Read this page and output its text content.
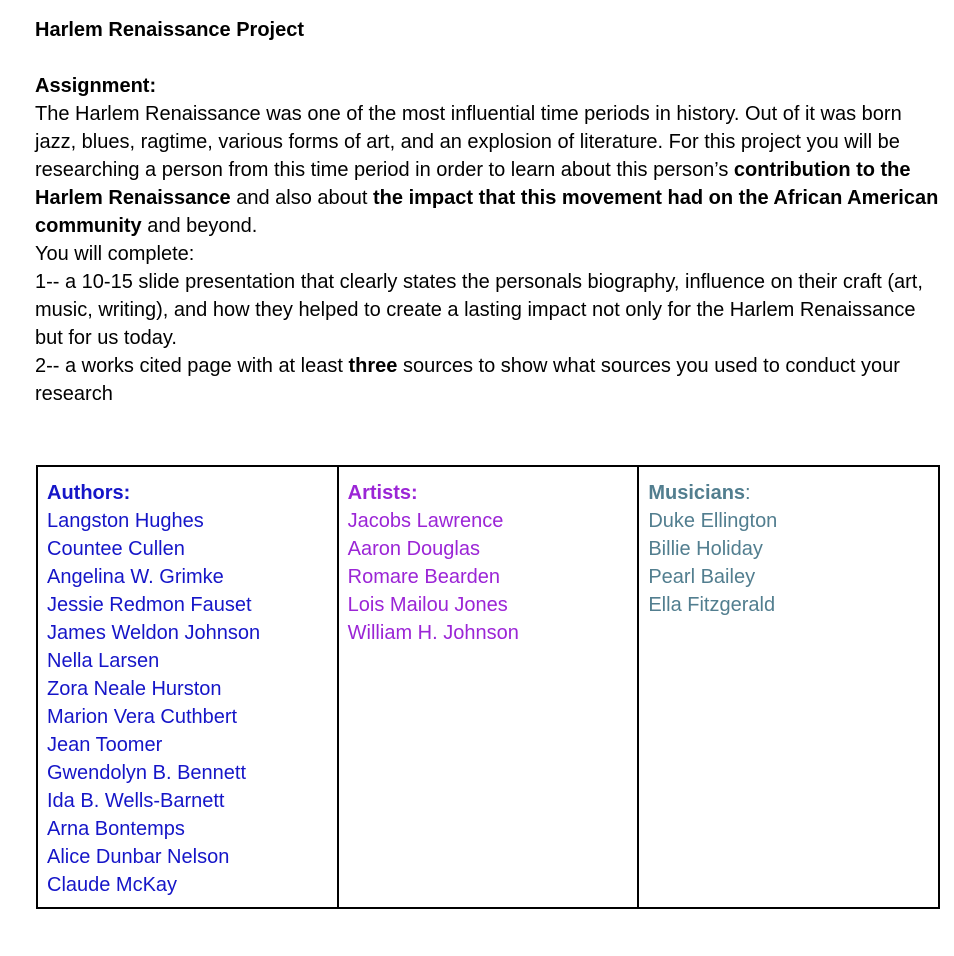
Harlem Renaissance Project

Assignment:

The Harlem Renaissance was one of the most influential time periods in history. Out of it was born jazz, blues, ragtime, various forms of art, and an explosion of literature. For this project you will be researching a person from this time period in order to learn about this person’s contribution to the Harlem Renaissance and also about the impact that this movement had on the African American community and beyond.

You will complete:

1-- a 10-15 slide presentation that clearly states the personals biography, influence on their craft (art, music, writing), and how they helped to create a lasting impact not only for the Harlem Renaissance but for us today.

2-- a works cited page with at least three sources to show what sources you used to conduct your research

Authors:
Langston Hughes
Countee Cullen
Angelina W. Grimke
Jessie Redmon Fauset
James Weldon Johnson
Nella Larsen
Zora Neale Hurston
Marion Vera Cuthbert
Jean Toomer
Gwendolyn B. Bennett
Ida B. Wells-Barnett
Arna Bontemps
Alice Dunbar Nelson
Claude McKay
Artists:
Jacobs Lawrence
Aaron Douglas
Romare Bearden
Lois Mailou Jones
William H. Johnson
Musicians:
Duke Ellington
Billie Holiday
Pearl Bailey
Ella Fitzgerald
